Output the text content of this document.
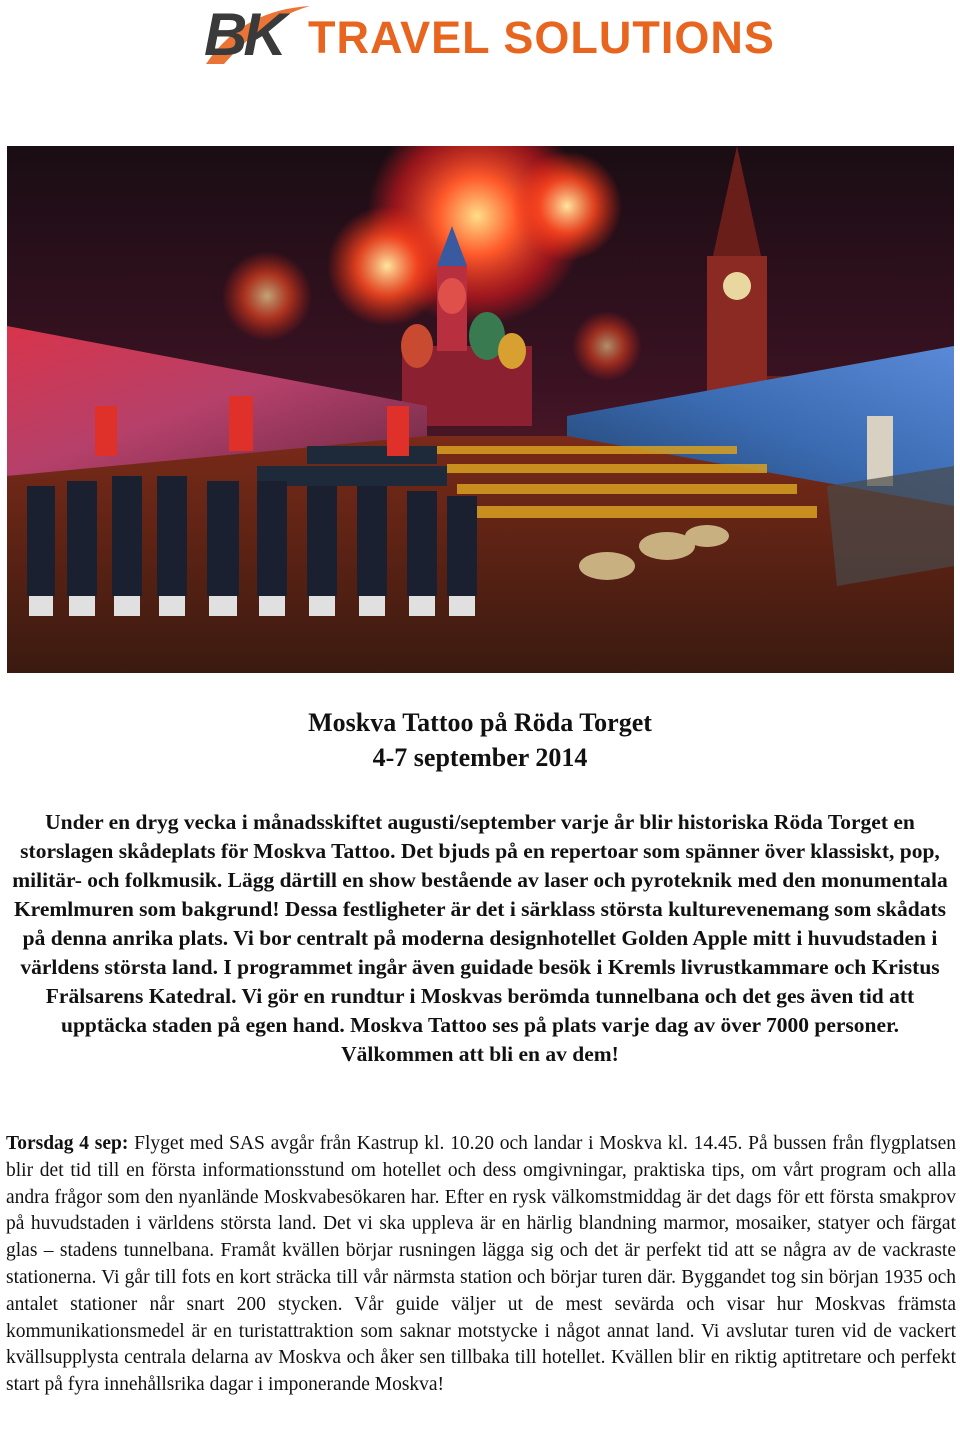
BK TRAVEL SOLUTIONS
Moskva Tattoo på Röda Torget
4-7 september 2014
Under en dryg vecka i månadsskiftet augusti/september varje år blir historiska Röda Torget en storslagen skådeplats för Moskva Tattoo. Det bjuds på en repertoar som spänner över klassiskt, pop, militär- och folkmusik. Lägg därtill en show bestående av laser och pyroteknik med den monumentala Kremlmuren som bakgrund! Dessa festligheter är det i särklass största kulturevenemang som skådats på denna anrika plats. Vi bor centralt på moderna designhotellet Golden Apple mitt i huvudstaden i världens största land. I programmet ingår även guidade besök i Kremls livrustkammare och Kristus Frälsarens Katedral. Vi gör en rundtur i Moskvas berömda tunnelbana och det ges även tid att upptäcka staden på egen hand. Moskva Tattoo ses på plats varje dag av över 7000 personer. Välkommen att bli en av dem!
Torsdag 4 sep: Flyget med SAS avgår från Kastrup kl. 10.20 och landar i Moskva kl. 14.45. På bussen från flygplatsen blir det tid till en första informationsstund om hotellet och dess omgivningar, praktiska tips, om vårt program och alla andra frågor som den nyanlände Moskvabesökaren har. Efter en rysk välkomstmiddag är det dags för ett första smakprov på huvudstaden i världens största land. Det vi ska uppleva är en härlig blandning marmor, mosaiker, statyer och färgat glas – stadens tunnelbana. Framåt kvällen börjar rusningen lägga sig och det är perfekt tid att se några av de vackraste stationerna. Vi går till fots en kort sträcka till vår närmsta station och börjar turen där. Byggandet tog sin början 1935 och antalet stationer når snart 200 stycken. Vår guide väljer ut de mest sevärda och visar hur Moskvas främsta kommunikationsmedel är en turistattraktion som saknar motstycke i något annat land. Vi avslutar turen vid de vackert kvällsupplysta centrala delarna av Moskva och åker sen tillbaka till hotellet. Kvällen blir en riktig aptitretare och perfekt start på fyra innehållsrika dagar i imponerande Moskva!
